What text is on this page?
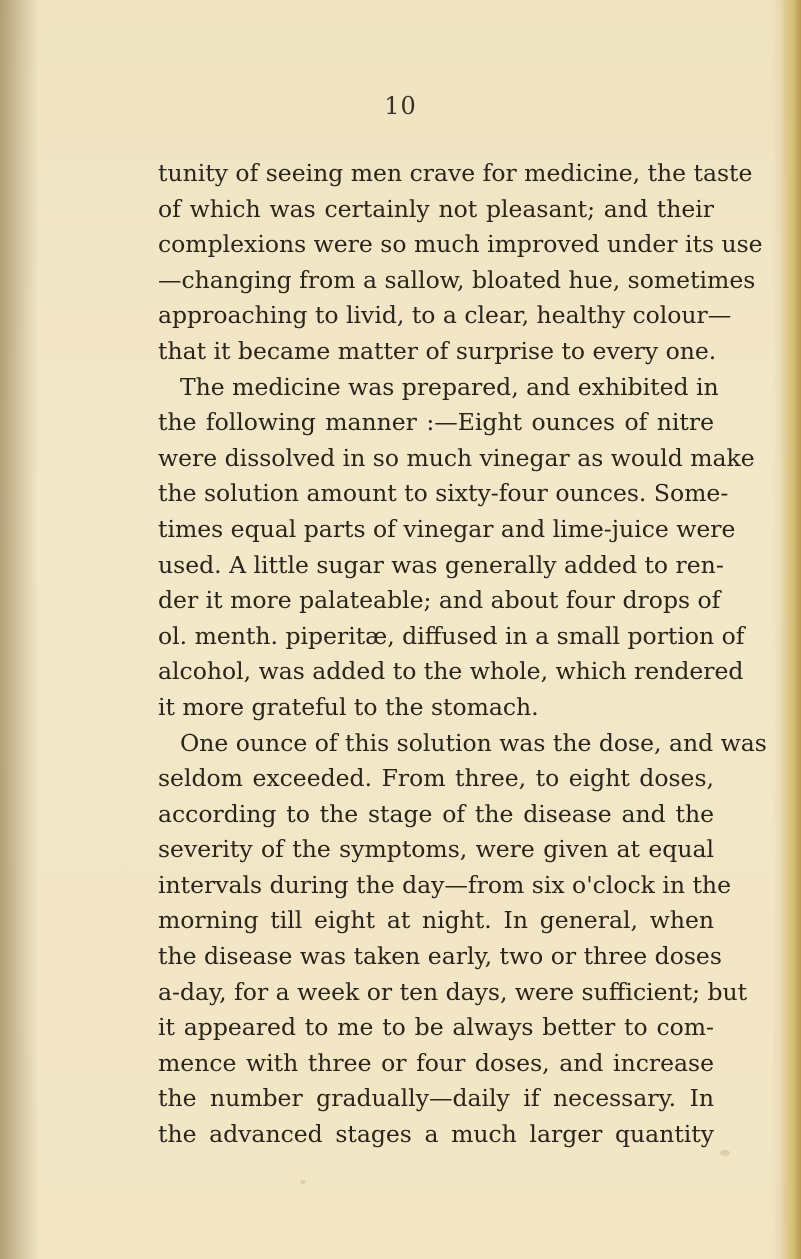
10
tunity of seeing men crave for medicine, the taste
of which was certainly not pleasant; and their
complexions were so much improved under its use
—changing from a sallow, bloated hue, sometimes
approaching to livid, to a clear, healthy colour—
that it became matter of surprise to every one.
The medicine was prepared, and exhibited in
the following manner :—Eight ounces of nitre
were dissolved in so much vinegar as would make
the solution amount to sixty-four ounces. Some-
times equal parts of vinegar and lime-juice were
used. A little sugar was generally added to ren-
der it more palateable; and about four drops of
ol. menth. piperitæ, diffused in a small portion of
alcohol, was added to the whole, which rendered
it more grateful to the stomach.
One ounce of this solution was the dose, and was
seldom exceeded. From three, to eight doses,
according to the stage of the disease and the
severity of the symptoms, were given at equal
intervals during the day—from six o'clock in the
morning till eight at night. In general, when
the disease was taken early, two or three doses
a-day, for a week or ten days, were sufficient; but
it appeared to me to be always better to com-
mence with three or four doses, and increase
the number gradually—daily if necessary. In
the advanced stages a much larger quantity
